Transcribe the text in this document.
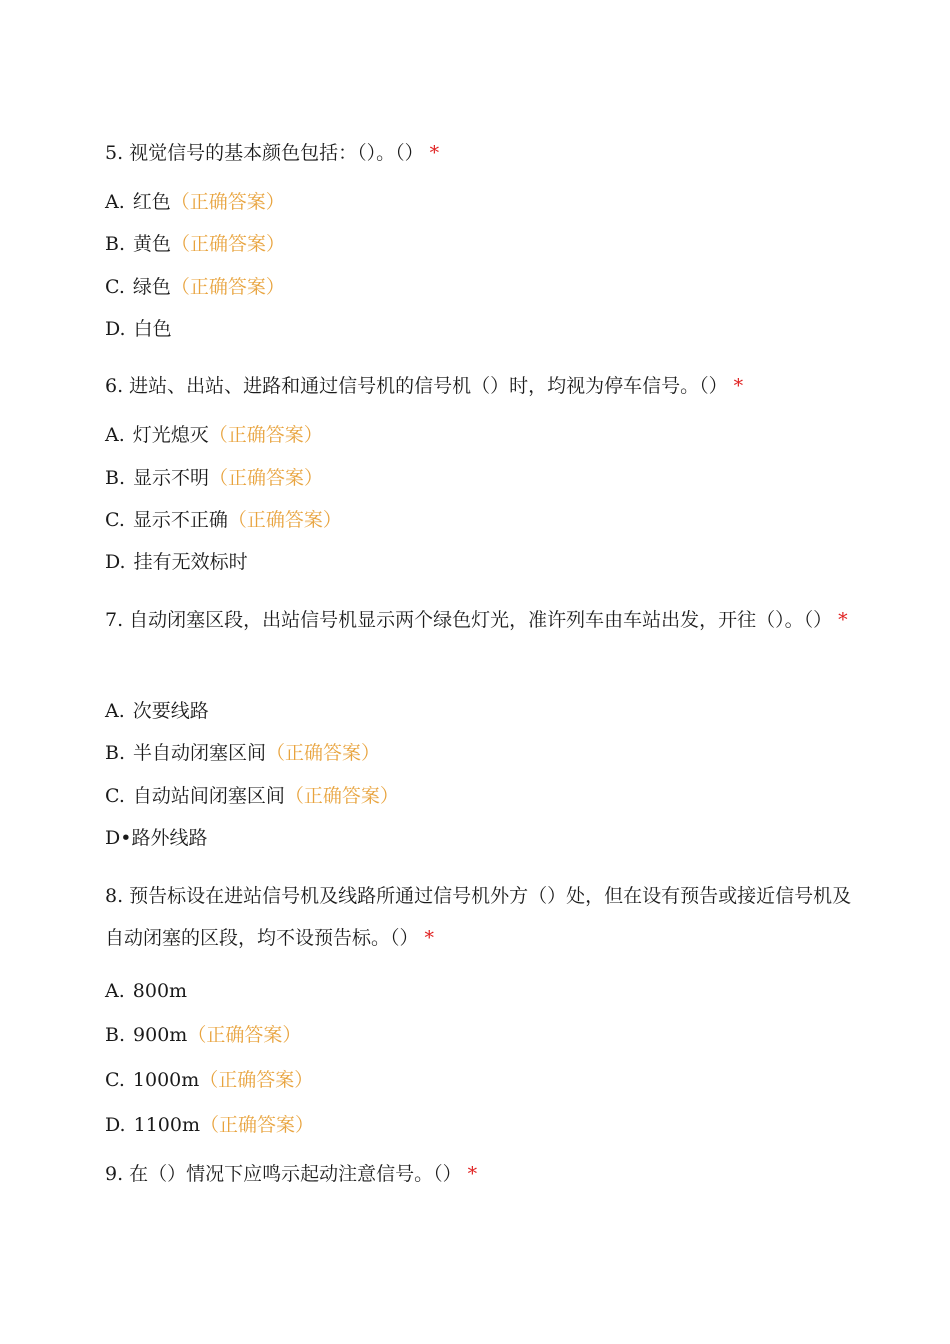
5. 视觉信号的基本颜色包括：（）。（） *

A. 红色（正确答案）
B. 黄色（正确答案）
C. 绿色（正确答案）
D. 白色

6. 进站、出站、进路和通过信号机的信号机（）时，均视为停车信号。（） *

A. 灯光熄灭（正确答案）
B. 显示不明（正确答案）
C. 显示不正确（正确答案）
D. 挂有无效标时

7. 自动闭塞区段，出站信号机显示两个绿色灯光，准许列车由车站出发，开往（）。（） *

A. 次要线路
B. 半自动闭塞区间（正确答案）
C. 自动站间闭塞区间（正确答案）
D•路外线路

8. 预告标设在进站信号机及线路所通过信号机外方（）处，但在设有预告或接近信号机及自动闭塞的区段，均不设预告标。（） *

A. 800m
B. 900m（正确答案）
C. 1000m（正确答案）
D. 1100m（正确答案）

9. 在（）情况下应鸣示起动注意信号。（） *
